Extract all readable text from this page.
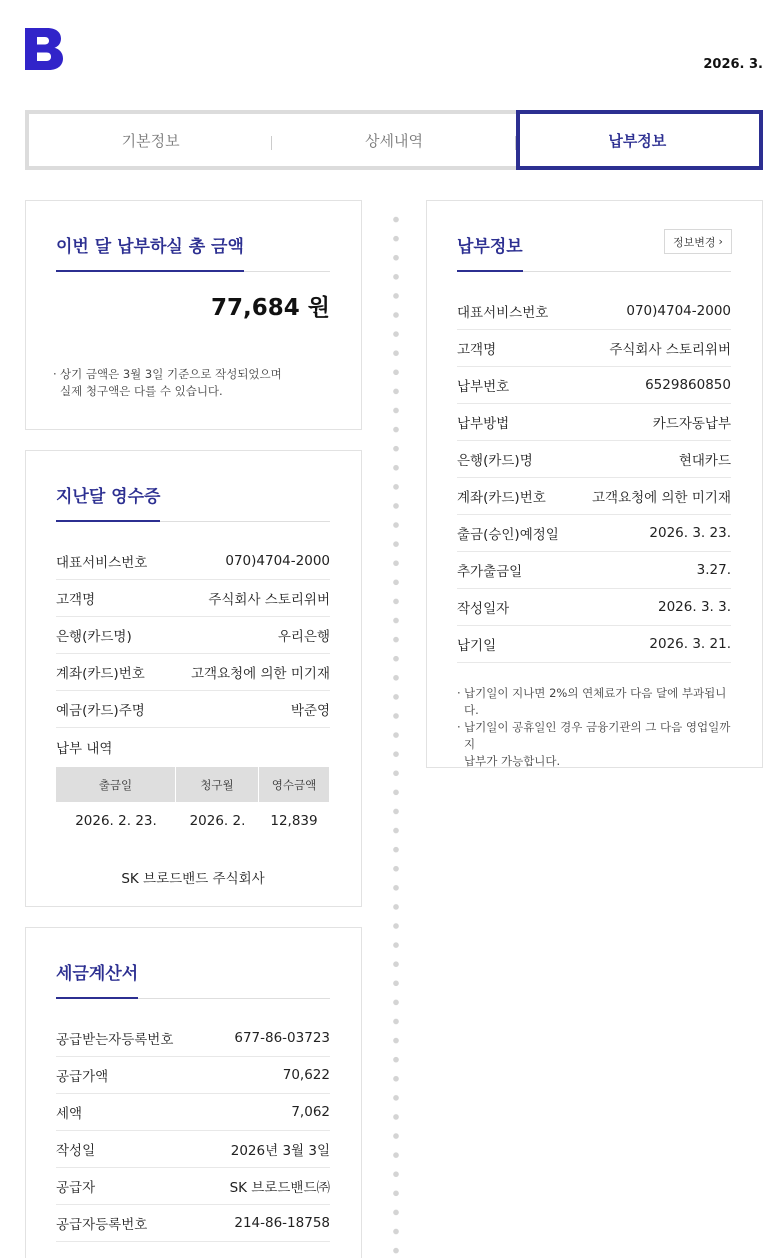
2026. 3.
기본정보	상세내역	납부정보
이번 달 납부하실 총 금액
77,684 원

· 상기 금액은 3월 3일 기준으로 작성되었으며

실제 청구액은 다를 수 있습니다.

지난달 영수증
대표서비스번호	070)4704-2000
고객명	주식회사 스토리위버
은행(카드명)	우리은행
계좌(카드)번호	고객요청에 의한 미기재
예금(카드)주명	박준영
납부 내역
출금일	청구월	영수금액
2026. 2. 23.	2026. 2.	12,839
SK 브로드밴드 주식회사
세금계산서
공급받는자등록번호	677-86-03723
공급가액	70,622
세액	7,062
작성일	2026년 3월 3일
공급자	SK 브로드밴드㈜
공급자등록번호	214-86-18758
납부정보	정보변경 ›
대표서비스번호	070)4704-2000
고객명	주식회사 스토리위버
납부번호	6529860850
납부방법	카드자동납부
은행(카드)명	현대카드
계좌(카드)번호	고객요청에 의한 미기재
출금(승인)예정일	2026. 3. 23.
추가출금일	3.27.
작성일자	2026. 3. 3.
납기일	2026. 3. 21.

· 납기일이 지나면 2%의 연체료가 다음 달에 부과됩니다.

· 납기일이 공휴일인 경우 금융기관의 그 다음 영업일까지

납부가 가능합니다.
